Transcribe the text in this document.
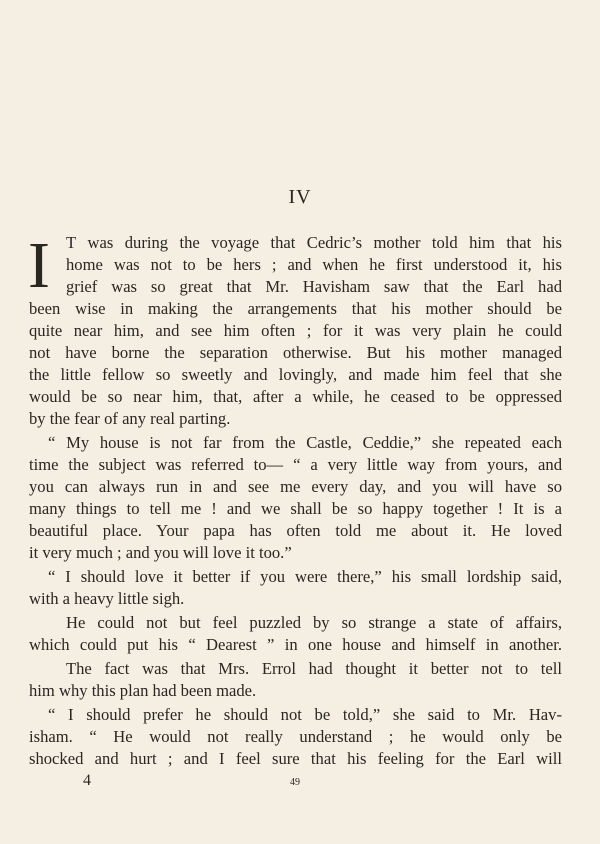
IV
I T was during the voyage that Cedric’s mother told him that his
home was not to be hers ; and when he first understood it, his
grief was so great that Mr. Havisham saw that the Earl had
been wise in making the arrangements that his mother should be
quite near him, and see him often ; for it was very plain he could
not have borne the separation otherwise. But his mother managed
the little fellow so sweetly and lovingly, and made him feel that she
would be so near him, that, after a while, he ceased to be oppressed
by the fear of any real parting.
“ My house is not far from the Castle, Ceddie,” she repeated each
time the subject was referred to— “ a very little way from yours, and
you can always run in and see me every day, and you will have so
many things to tell me ! and we shall be so happy together ! It is a
beautiful place. Your papa has often told me about it. He loved
it very much ; and you will love it too.”
“ I should love it better if you were there,” his small lordship said,
with a heavy little sigh.
He could not but feel puzzled by so strange a state of affairs,
which could put his “ Dearest ” in one house and himself in another.
The fact was that Mrs. Errol had thought it better not to tell
him why this plan had been made.
“ I should prefer he should not be told,” she said to Mr. Hav-
isham. “ He would not really understand ; he would only be
shocked and hurt ; and I feel sure that his feeling for the Earl will
4	49
